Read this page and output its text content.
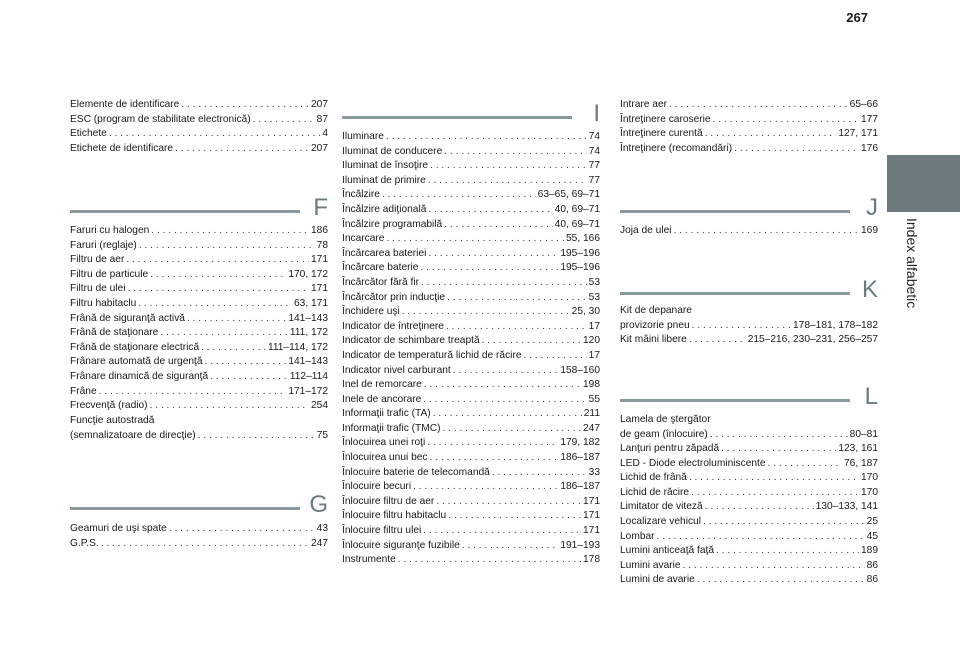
267
Index alfabetic
Elemente de identificare . . .	207
ESC (program de stabilitate electronică) . . .	87
Etichete . . .	4
Etichete de identificare . . .	207
F
Faruri cu halogen . . .	186
Faruri (reglaje) . . .	78
Filtru de aer . . .	171
Filtru de particule . . .	170, 172
Filtru de ulei . . .	171
Filtru habitaclu . . .	63, 171
Frână de siguranţă activă . . .	141–143
Frână de staţionare . . .	111, 172
Frână de staţionare electrică . . .	111–114, 172
Frânare automată de urgenţă . . .	141–143
Frânare dinamică de siguranţă . . .	112–114
Frâne . . .	171–172
Frecvenţă (radio) . . .	254
Funcţie autostradă
(semnalizatoare de direcţie) . . .	75
G
Geamuri de uşi spate . . .	43
G.P.S. . . .	247
I
Iluminare . . .	74
Iluminat de conducere . . .	74
Iluminat de însoţire . . .	77
Iluminat de primire . . .	77
Încălzire . . .	63–65, 69–71
Încălzire adiţională . . .	40, 69–71
Încălzire programabilă . . .	40, 69–71
Incarcare . . .	55, 166
Încărcarea bateriei . . .	195–196
Încărcare baterie . . .	195–196
Încărcător fără fir . . .	53
Încărcător prin inducţie . . .	53
Închidere uşi . . .	25, 30
Indicator de întreţinere . . .	17
Indicator de schimbare treaptă . . .	120
Indicator de temperatură lichid de răcire . . .	17
Indicator nivel carburant . . .	158–160
Inel de remorcare . . .	198
Inele de ancorare . . .	55
Informaţii trafic (TA) . . .	211
Informaţii trafic (TMC) . . .	247
Înlocuirea unei roţi . . .	179, 182
Înlocuirea unui bec . . .	186–187
Înlocuire baterie de telecomandă . . .	33
Înlocuire becuri . . .	186–187
Înlocuire filtru de aer . . .	171
Înlocuire filtru habitaclu . . .	171
Înlocuire filtru ulei . . .	171
Înlocuire siguranţe fuzibile . . .	191–193
Instrumente . . .	178
Intrare aer . . .	65–66
Întreţinere caroserie . . .	177
Întreţinere curentă . . .	127, 171
Întreţinere (recomandări) . . .	176
J
Joja de ulei . . .	169
K
Kit de depanare
provizorie pneu . . .	178–181, 178–182
Kit mâini libere . . .	215–216, 230–231, 256–257
L
Lamela de ştergător
de geam (înlocuire) . . .	80–81
Lanţuri pentru zăpadă . . .	123, 161
LED - Diode electroluminiscente . . .	76, 187
Lichid de frână . . .	170
Lichid de răcire . . .	170
Limitator de viteză . . .	130–133, 141
Localizare vehicul . . .	25
Lombar . . .	45
Lumini anticeaţă faţă . . .	189
Lumini avarie . . .	86
Lumini de avarie . . .	86
